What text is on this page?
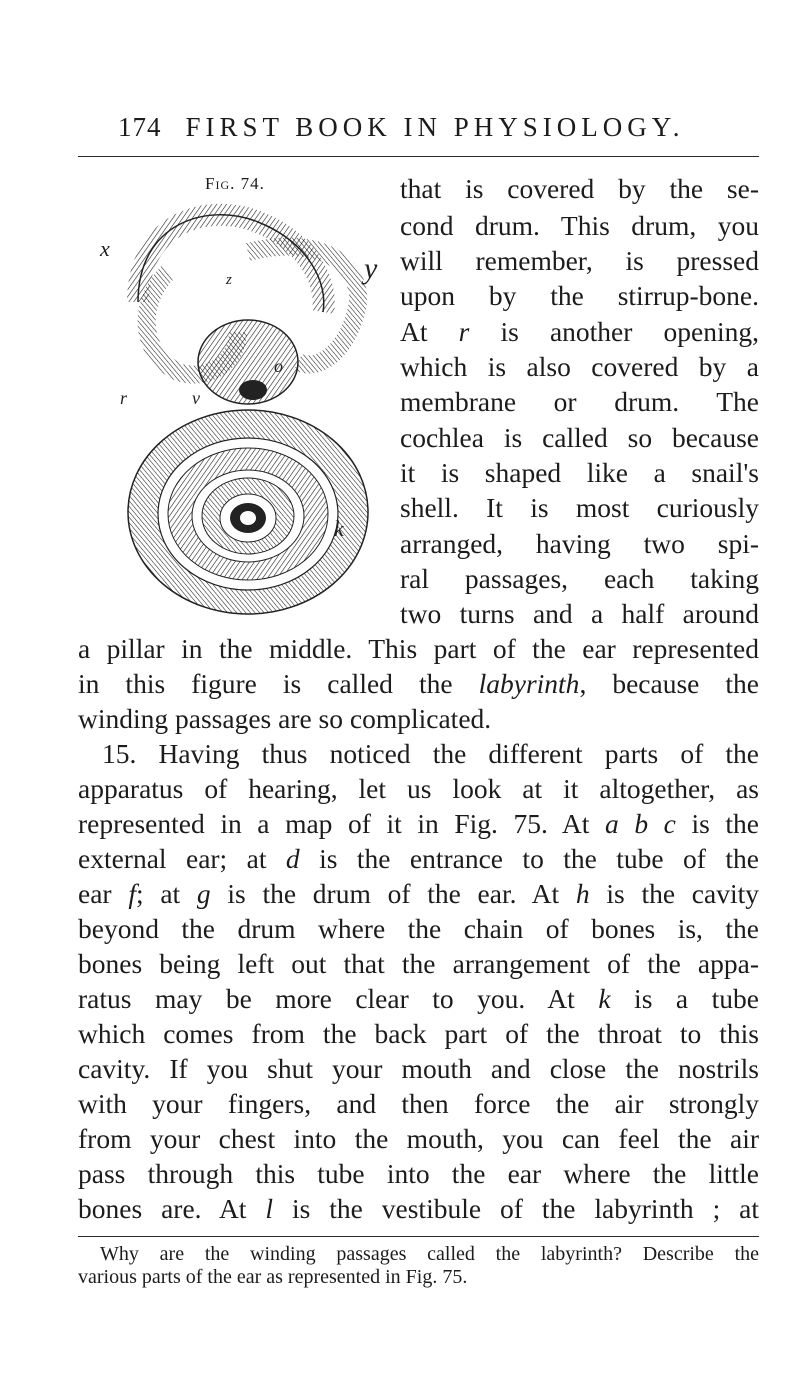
174 FIRST BOOK IN PHYSIOLOGY.
Fig. 74.
x
y
z
o
r	v
k
that is covered by the se-
cond drum. This drum, you
will remember, is pressed
upon by the stirrup-bone.
At r is another opening,
which is also covered by a
membrane or drum. The
cochlea is called so because
it is shaped like a snail's
shell. It is most curiously
arranged, having two spi-
ral passages, each taking
two turns and a half around
a pillar in the middle. This part of the ear represented
in this figure is called the labyrinth, because the
winding passages are so complicated.
15. Having thus noticed the different parts of the
apparatus of hearing, let us look at it altogether, as
represented in a map of it in Fig. 75. At a b c is the
external ear; at d is the entrance to the tube of the
ear f; at g is the drum of the ear. At h is the cavity
beyond the drum where the chain of bones is, the
bones being left out that the arrangement of the appa-
ratus may be more clear to you. At k is a tube
which comes from the back part of the throat to this
cavity. If you shut your mouth and close the nostrils
with your fingers, and then force the air strongly
from your chest into the mouth, you can feel the air
pass through this tube into the ear where the little
bones are. At l is the vestibule of the labyrinth ; at
Why are the winding passages called the labyrinth? Describe the
various parts of the ear as represented in Fig. 75.
